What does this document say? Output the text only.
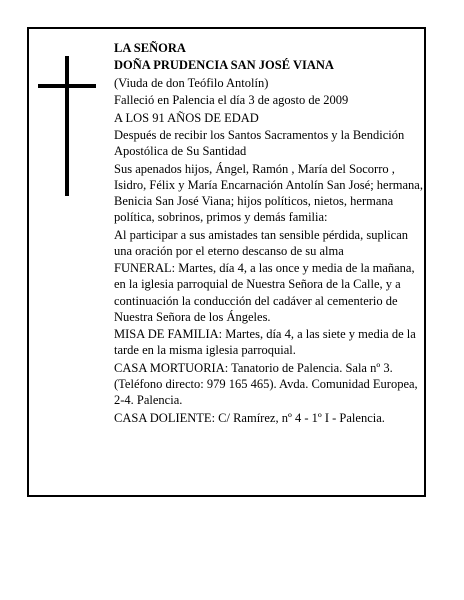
LA SEÑORA

DOÑA PRUDENCIA SAN JOSÉ VIANA

(Viuda de don Teófilo Antolín)

Falleció en Palencia el día 3 de agosto de 2009

A LOS 91 AÑOS DE EDAD

Después de recibir los Santos Sacramentos y la Bendición Apostólica de Su Santidad

Sus apenados hijos, Ángel, Ramón , María del Socorro , Isidro, Félix y María Encarnación Antolín San José; hermana, Benicia San José Viana; hijos políticos, nietos, hermana política, sobrinos, primos y demás familia:

Al participar a sus amistades tan sensible pérdida, suplican una oración por el eterno descanso de su alma

FUNERAL: Martes, día 4, a las once y media de la mañana, en la iglesia parroquial de Nuestra Señora de la Calle, y a continuación la conducción del cadáver al cementerio de Nuestra Señora de los Ángeles.

MISA DE FAMILIA: Martes, día 4, a las siete y media de la tarde en la misma iglesia parroquial.

CASA MORTUORIA: Tanatorio de Palencia. Sala nº 3. (Teléfono directo: 979 165 465). Avda. Comunidad Europea, 2-4. Palencia.

CASA DOLIENTE: C/ Ramírez, nº 4 - 1º I - Palencia.
